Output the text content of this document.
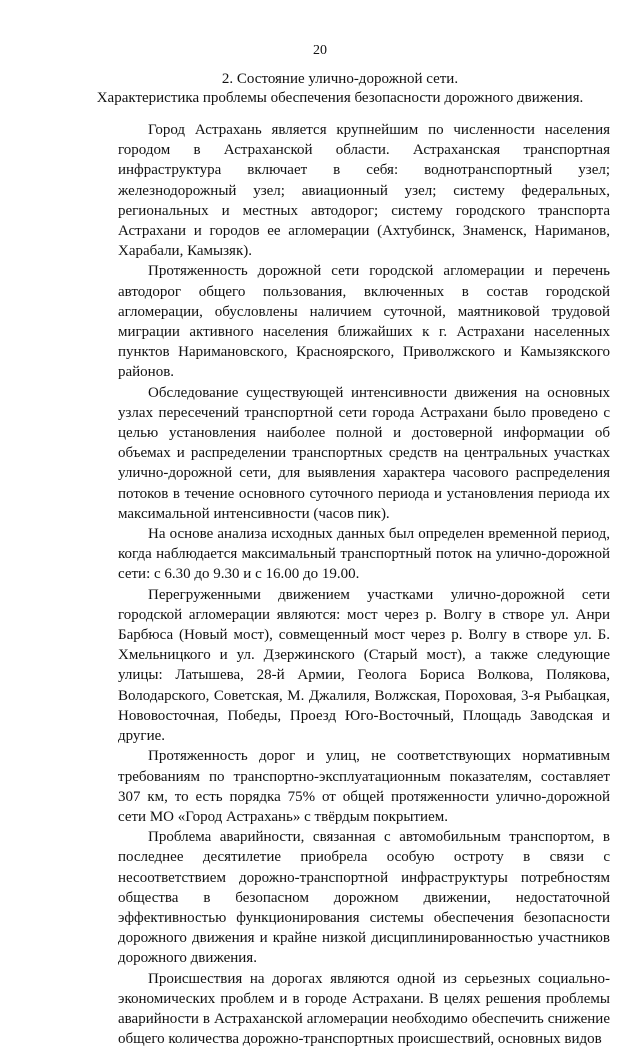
20
2. Состояние улично-дорожной сети.
Характеристика проблемы обеспечения безопасности дорожного движения.

Город Астрахань является крупнейшим по численности населения городом в Астраханской области. Астраханская транспортная инфраструктура включает в себя: воднотранспортный узел; железнодорожный узел; авиационный узел; систему федеральных, региональных и местных автодорог; систему городского транспорта Астрахани и городов ее агломерации (Ахтубинск, Знаменск, Нариманов, Харабали, Камызяк).

Протяженность дорожной сети городской агломерации и перечень автодорог общего пользования, включенных в состав городской агломерации, обусловлены наличием суточной, маятниковой трудовой миграции активного населения ближайших к г. Астрахани населенных пунктов Наримановского, Красноярского, Приволжского и Камызякского районов.

Обследование существующей интенсивности движения на основных узлах пересечений транспортной сети города Астрахани было проведено с целью установления наиболее полной и достоверной информации об объемах и распределении транспортных средств на центральных участках улично-дорожной сети, для выявления характера часового распределения потоков в течение основного суточного периода и установления периода их максимальной интенсивности (часов пик).

На основе анализа исходных данных был определен временной период, когда наблюдается максимальный транспортный поток на улично-дорожной сети: с 6.30 до 9.30 и с 16.00 до 19.00.

Перегруженными движением участками улично-дорожной сети городской агломерации являются: мост через р. Волгу в створе ул. Анри Барбюса (Новый мост), совмещенный мост через р. Волгу в створе ул. Б. Хмельницкого и ул. Дзержинского (Старый мост), а также следующие улицы: Латышева, 28-й Армии, Геолога Бориса Волкова, Полякова, Володарского, Советская, М. Джалиля, Волжская, Пороховая, 3-я Рыбацкая, Нововосточная, Победы, Проезд Юго-Восточный, Площадь Заводская и другие.

Протяженность дорог и улиц, не соответствующих нормативным требованиям по транспортно-эксплуатационным показателям, составляет 307 км, то есть порядка 75% от общей протяженности улично-дорожной сети МО «Город Астрахань» с твёрдым покрытием.

Проблема аварийности, связанная с автомобильным транспортом, в последнее десятилетие приобрела особую остроту в связи с несоответствием дорожно-транспортной инфраструктуры потребностям общества в безопасном дорожном движении, недостаточной эффективностью функционирования системы обеспечения безопасности дорожного движения и крайне низкой дисциплинированностью участников дорожного движения.

Происшествия на дорогах являются одной из серьезных социально-экономических проблем и в городе Астрахани. В целях решения проблемы аварийности в Астраханской агломерации необходимо обеспечить снижение общего количества дорожно-транспортных происшествий, основных видов
